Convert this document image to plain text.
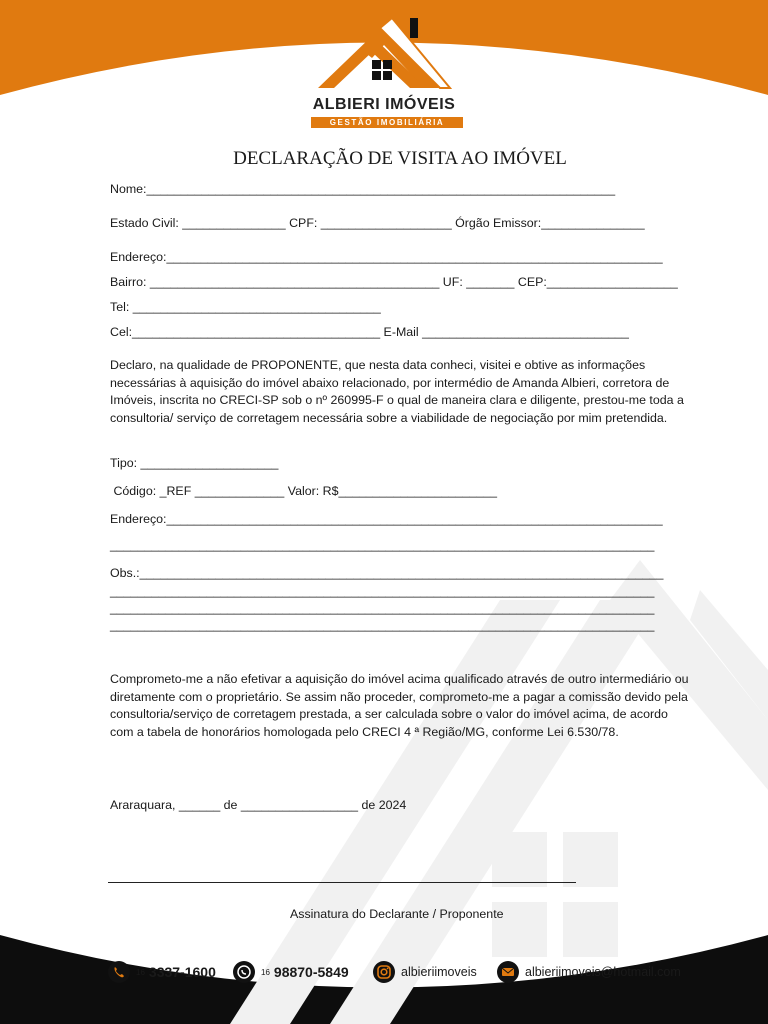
ALBIERI IMÓVEIS
GESTÃO IMOBILIÁRIA
DECLARAÇÃO DE VISITA AO IMÓVEL
Nome:____________________________________________________________________
Estado Civil: _______________ CPF: ___________________ Órgão Emissor:_______________
Endereço:________________________________________________________________________
Bairro: __________________________________________ UF: _______ CEP:___________________
Tel: ____________________________________
Cel:____________________________________ E-Mail ______________________________
Declaro, na qualidade de PROPONENTE, que nesta data conheci, visitei e obtive as informações necessárias à aquisição do imóvel abaixo relacionado, por intermédio de Amanda Albieri, corretora de Imóveis, inscrita no CRECI-SP sob o nº 260995-F o qual de maneira clara e diligente, prestou-me toda a consultoria/ serviço de corretagem necessária sobre a viabilidade de negociação por mim pretendida.
Tipo: ____________________
Código: _REF _____________ Valor: R$_______________________
Endereço:________________________________________________________________________
_______________________________________________________________________________
Obs.:____________________________________________________________________________
_______________________________________________________________________________
_______________________________________________________________________________
_______________________________________________________________________________
Comprometo-me a não efetivar a aquisição do imóvel acima qualificado através de outro intermediário ou diretamente com o proprietário. Se assim não proceder, comprometo-me a pagar a comissão devido pela consultoria/serviço de corretagem prestada, a ser calculada sobre o valor do imóvel acima, de acordo com a tabela de honorários homologada pelo CRECI 4 ª Região/MG, conforme Lei 6.530/78.
Araraquara, ______ de _________________ de 2024
Assinatura do Declarante / Proponente
16 3337-1600	16 98870-5849	albieriimoveis	albieriimoveis@hotmail.com
